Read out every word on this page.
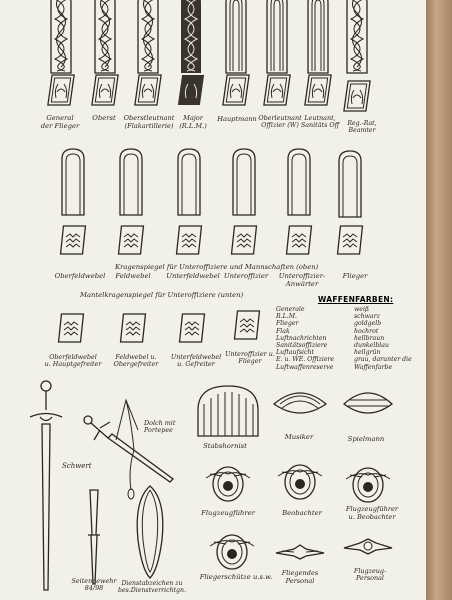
General
der Flieger
Oberst Oberstleutnant
(Flakartillerie)
Major
(R.L.M.)
Hauptmann Oberleutnant
Offizier (W)
Leutnant,
Sanitäts Off Reg.-Rat,
Beamter
Kragenspiegel für Unteroffiziere und Mannschaften (oben)
Oberfeldwebel Feldwebel Unterfeldwebel Unteroffizier Unteroffizier-
Anwärter
Flieger
Mantelkragenspiegel für Unteroffiziere (unten)
Oberfeldwebel
u. Hauptgefreiter
Feldwebel u.
Obergefreiter
Unterfeldwebel
u. Gefreiter
Unteroffizier u.
Flieger
WAFFENFARBEN:
Generale	weiß
R.L.M.	schwarz
Flieger	goldgelb
Flak	hochrot
Luftnachrichten	hellbraun
Sanitätsoffiziere	dunkelblau
Luftaufsicht	hellgrün
E. u. WE. Offiziere	grau, darunter die
Luftwaffenreserve	Waffenfarbe
Dolch mit
Portepee
Schwert
Seitengewehr
84/98
Dienstabzeichen zu
bes.Dienstverrichtgn.
Stabshornist
Musiker	Spielmann
Flugzeugführer	Beobachter	Flugzeugführer
u. Beobachter
Fliegerschütze u.s.w. Fliegendes
Personal
Flugzeug-
Personal
